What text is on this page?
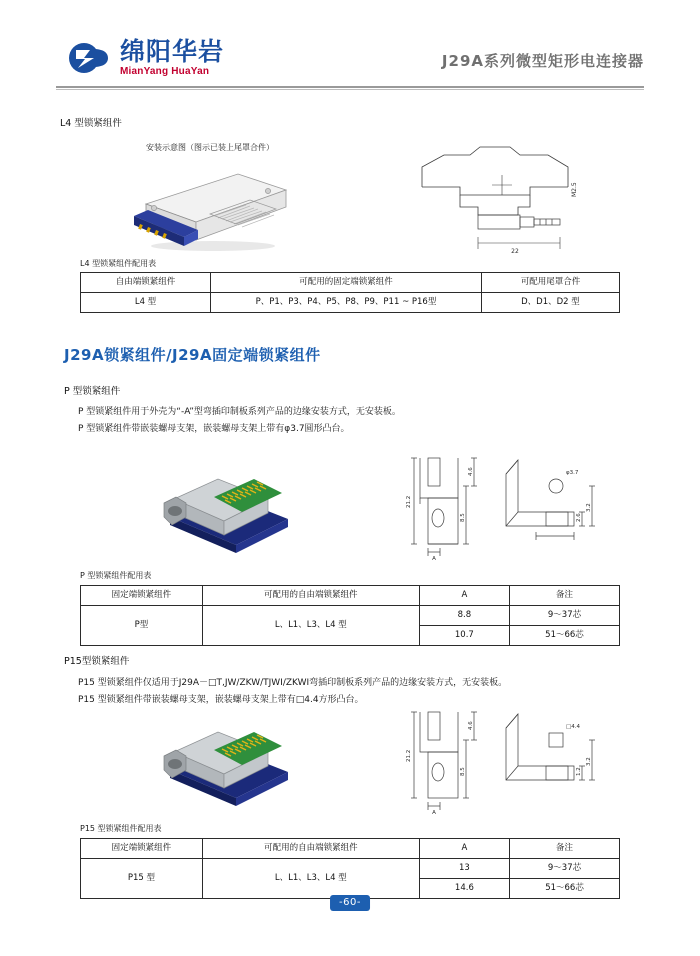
绵阳华岩
MianYang HuaYan
J29A系列微型矩形电连接器
L4 型锁紧组件
安装示意图（图示已装上尾罩合件）
22
M2.5
L4 型锁紧组件配用表
自由端锁紧组件	可配用的固定端锁紧组件	可配用尾罩合件
L4 型	P、P1、P3、P4、P5、P8、P9、P11 ~ P16型	D、D1、D2 型
J29A锁紧组件/J29A固定端锁紧组件
P 型锁紧组件
P 型锁紧组件用于外壳为“-A”型弯插印制板系列产品的边缘安装方式，无安装板。
P 型锁紧组件带嵌装螺母支架，嵌装螺母支架上带有φ3.7圆形凸台。
21.2
8.5
4.6
A
φ3.7
2.6
3.2
P 型锁紧组件配用表
固定端锁紧组件	可配用的自由端锁紧组件	A	备注
P型	L、L1、L3、L4 型	8.8	9～37芯
		10.7	51～66芯
P15型锁紧组件
P15 型锁紧组件仅适用于J29A－□T,JW/ZKW/TJWI/ZKWI弯插印制板系列产品的边缘安装方式，无安装板。
P15 型锁紧组件带嵌装螺母支架，嵌装螺母支架上带有□4.4方形凸台。
21.2
8.5
4.6
A
□4.4
1.2
3.2
P15 型锁紧组件配用表
固定端锁紧组件	可配用的自由端锁紧组件	A	备注
P15 型	L、L1、L3、L4 型	13	9～37芯
		14.6	51～66芯
-60-
